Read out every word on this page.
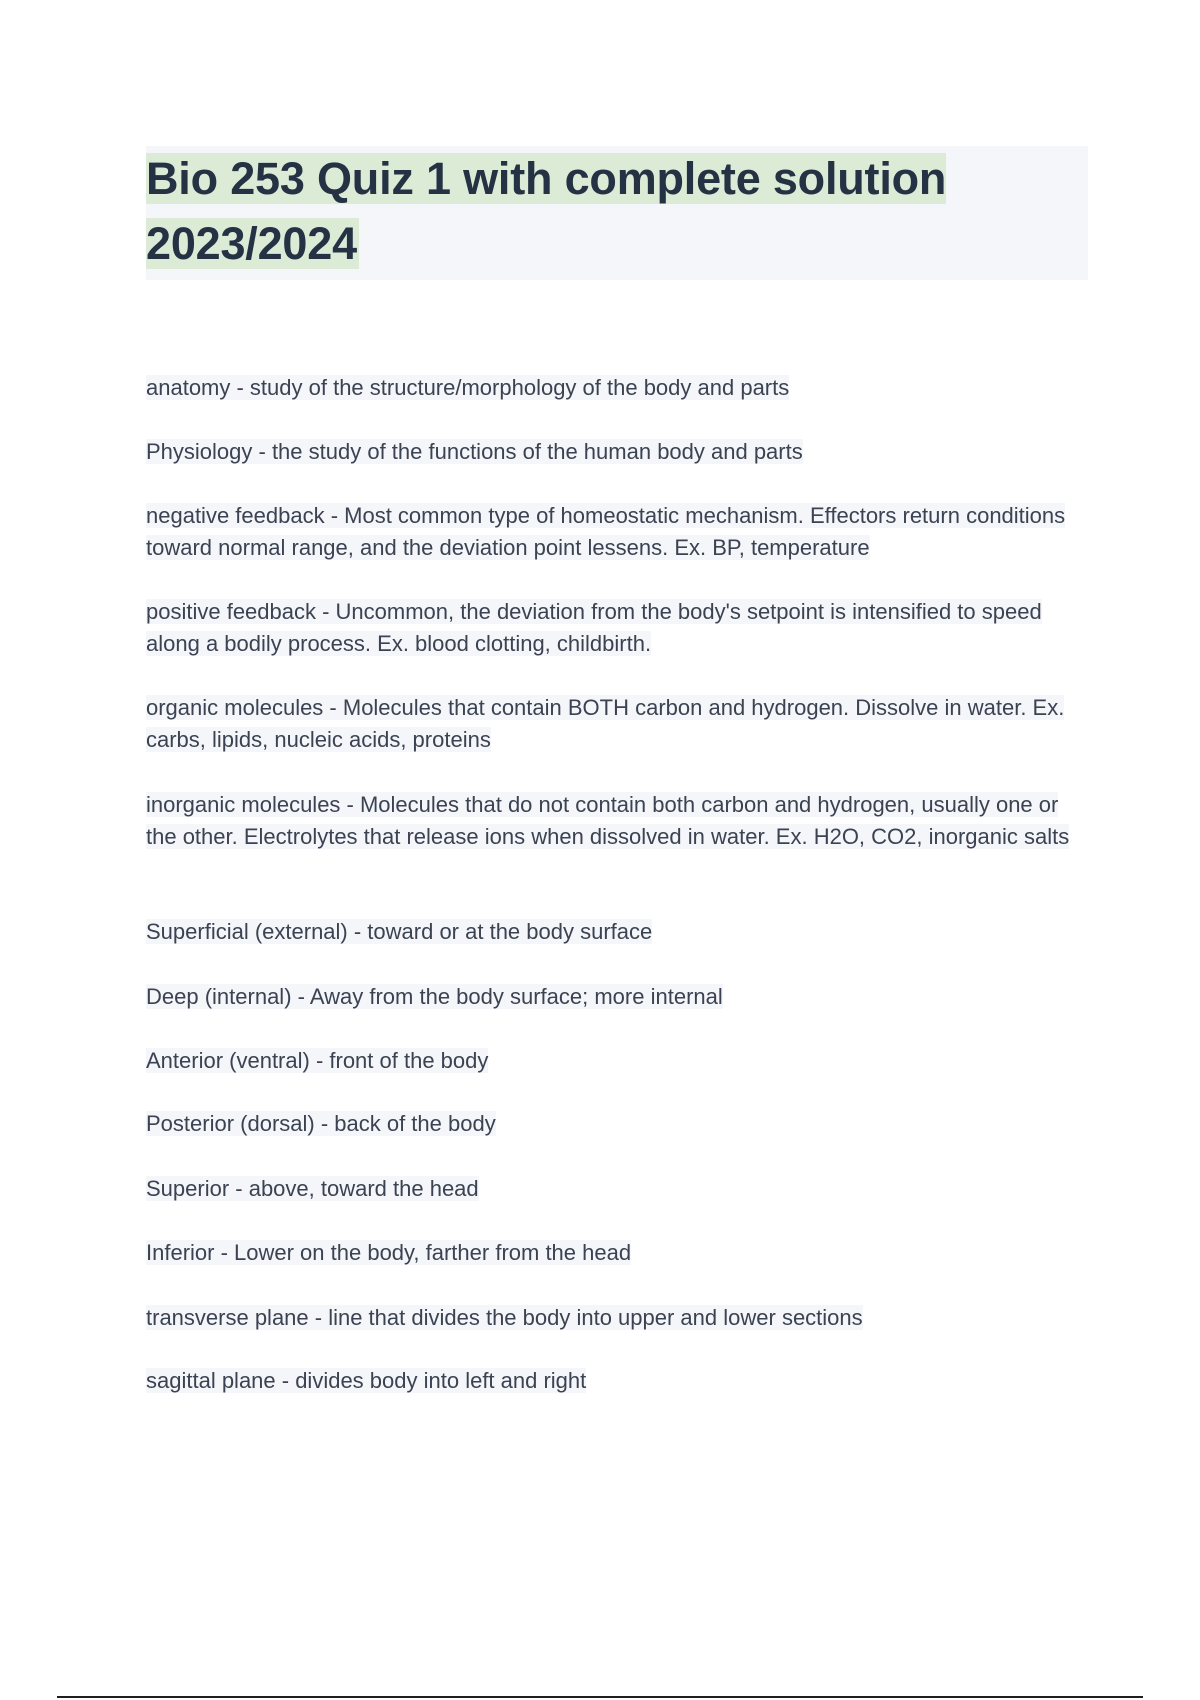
Bio 253 Quiz 1 with complete solution 2023/2024
anatomy - study of the structure/morphology of the body and parts
Physiology - the study of the functions of the human body and parts
negative feedback - Most common type of homeostatic mechanism. Effectors return conditions toward normal range, and the deviation point lessens. Ex. BP, temperature
positive feedback - Uncommon, the deviation from the body's setpoint is intensified to speed along a bodily process. Ex. blood clotting, childbirth.
organic molecules - Molecules that contain BOTH carbon and hydrogen. Dissolve in water. Ex. carbs, lipids, nucleic acids, proteins
inorganic molecules - Molecules that do not contain both carbon and hydrogen, usually one or the other. Electrolytes that release ions when dissolved in water. Ex. H2O, CO2, inorganic salts
Superficial (external) - toward or at the body surface
Deep (internal) - Away from the body surface; more internal
Anterior (ventral) - front of the body
Posterior (dorsal) - back of the body
Superior - above, toward the head
Inferior - Lower on the body, farther from the head
transverse plane - line that divides the body into upper and lower sections
sagittal plane - divides body into left and right
